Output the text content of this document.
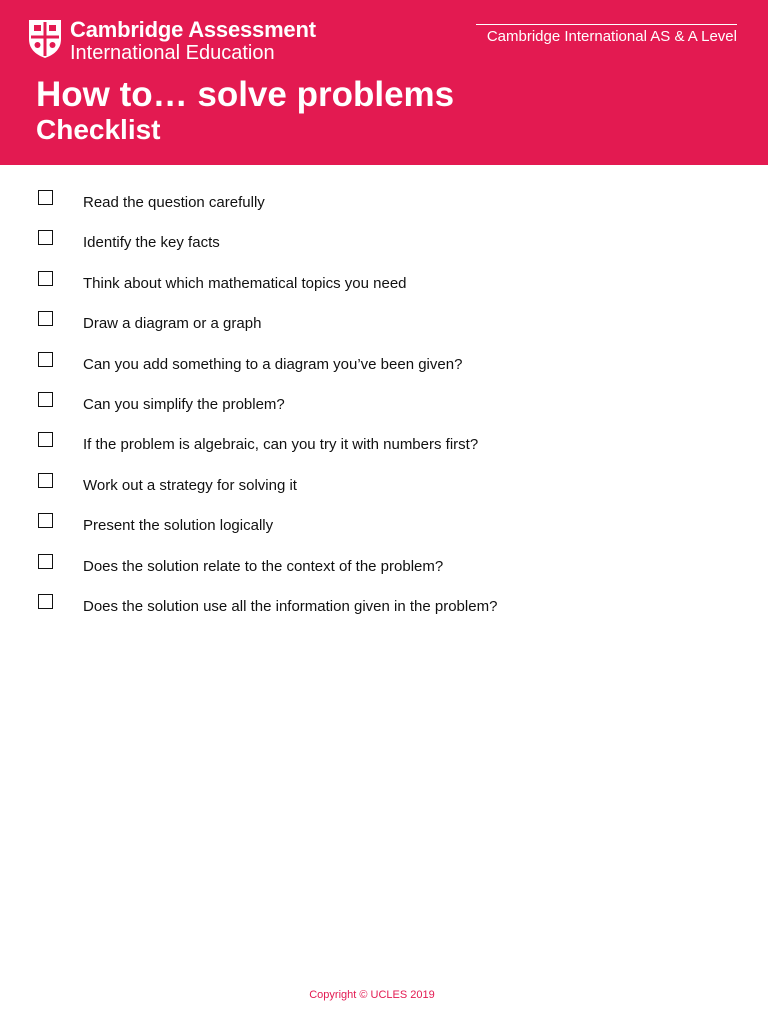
Cambridge Assessment
International Education
Cambridge International AS & A Level
How to… solve problems
Checklist
Read the question carefully
Identify the key facts
Think about which mathematical topics you need
Draw a diagram or a graph
Can you add something to a diagram you’ve been given?
Can you simplify the problem?
If the problem is algebraic, can you try it with numbers first?
Work out a strategy for solving it
Present the solution logically
Does the solution relate to the context of the problem?
Does the solution use all the information given in the problem?
Copyright © UCLES 2019
